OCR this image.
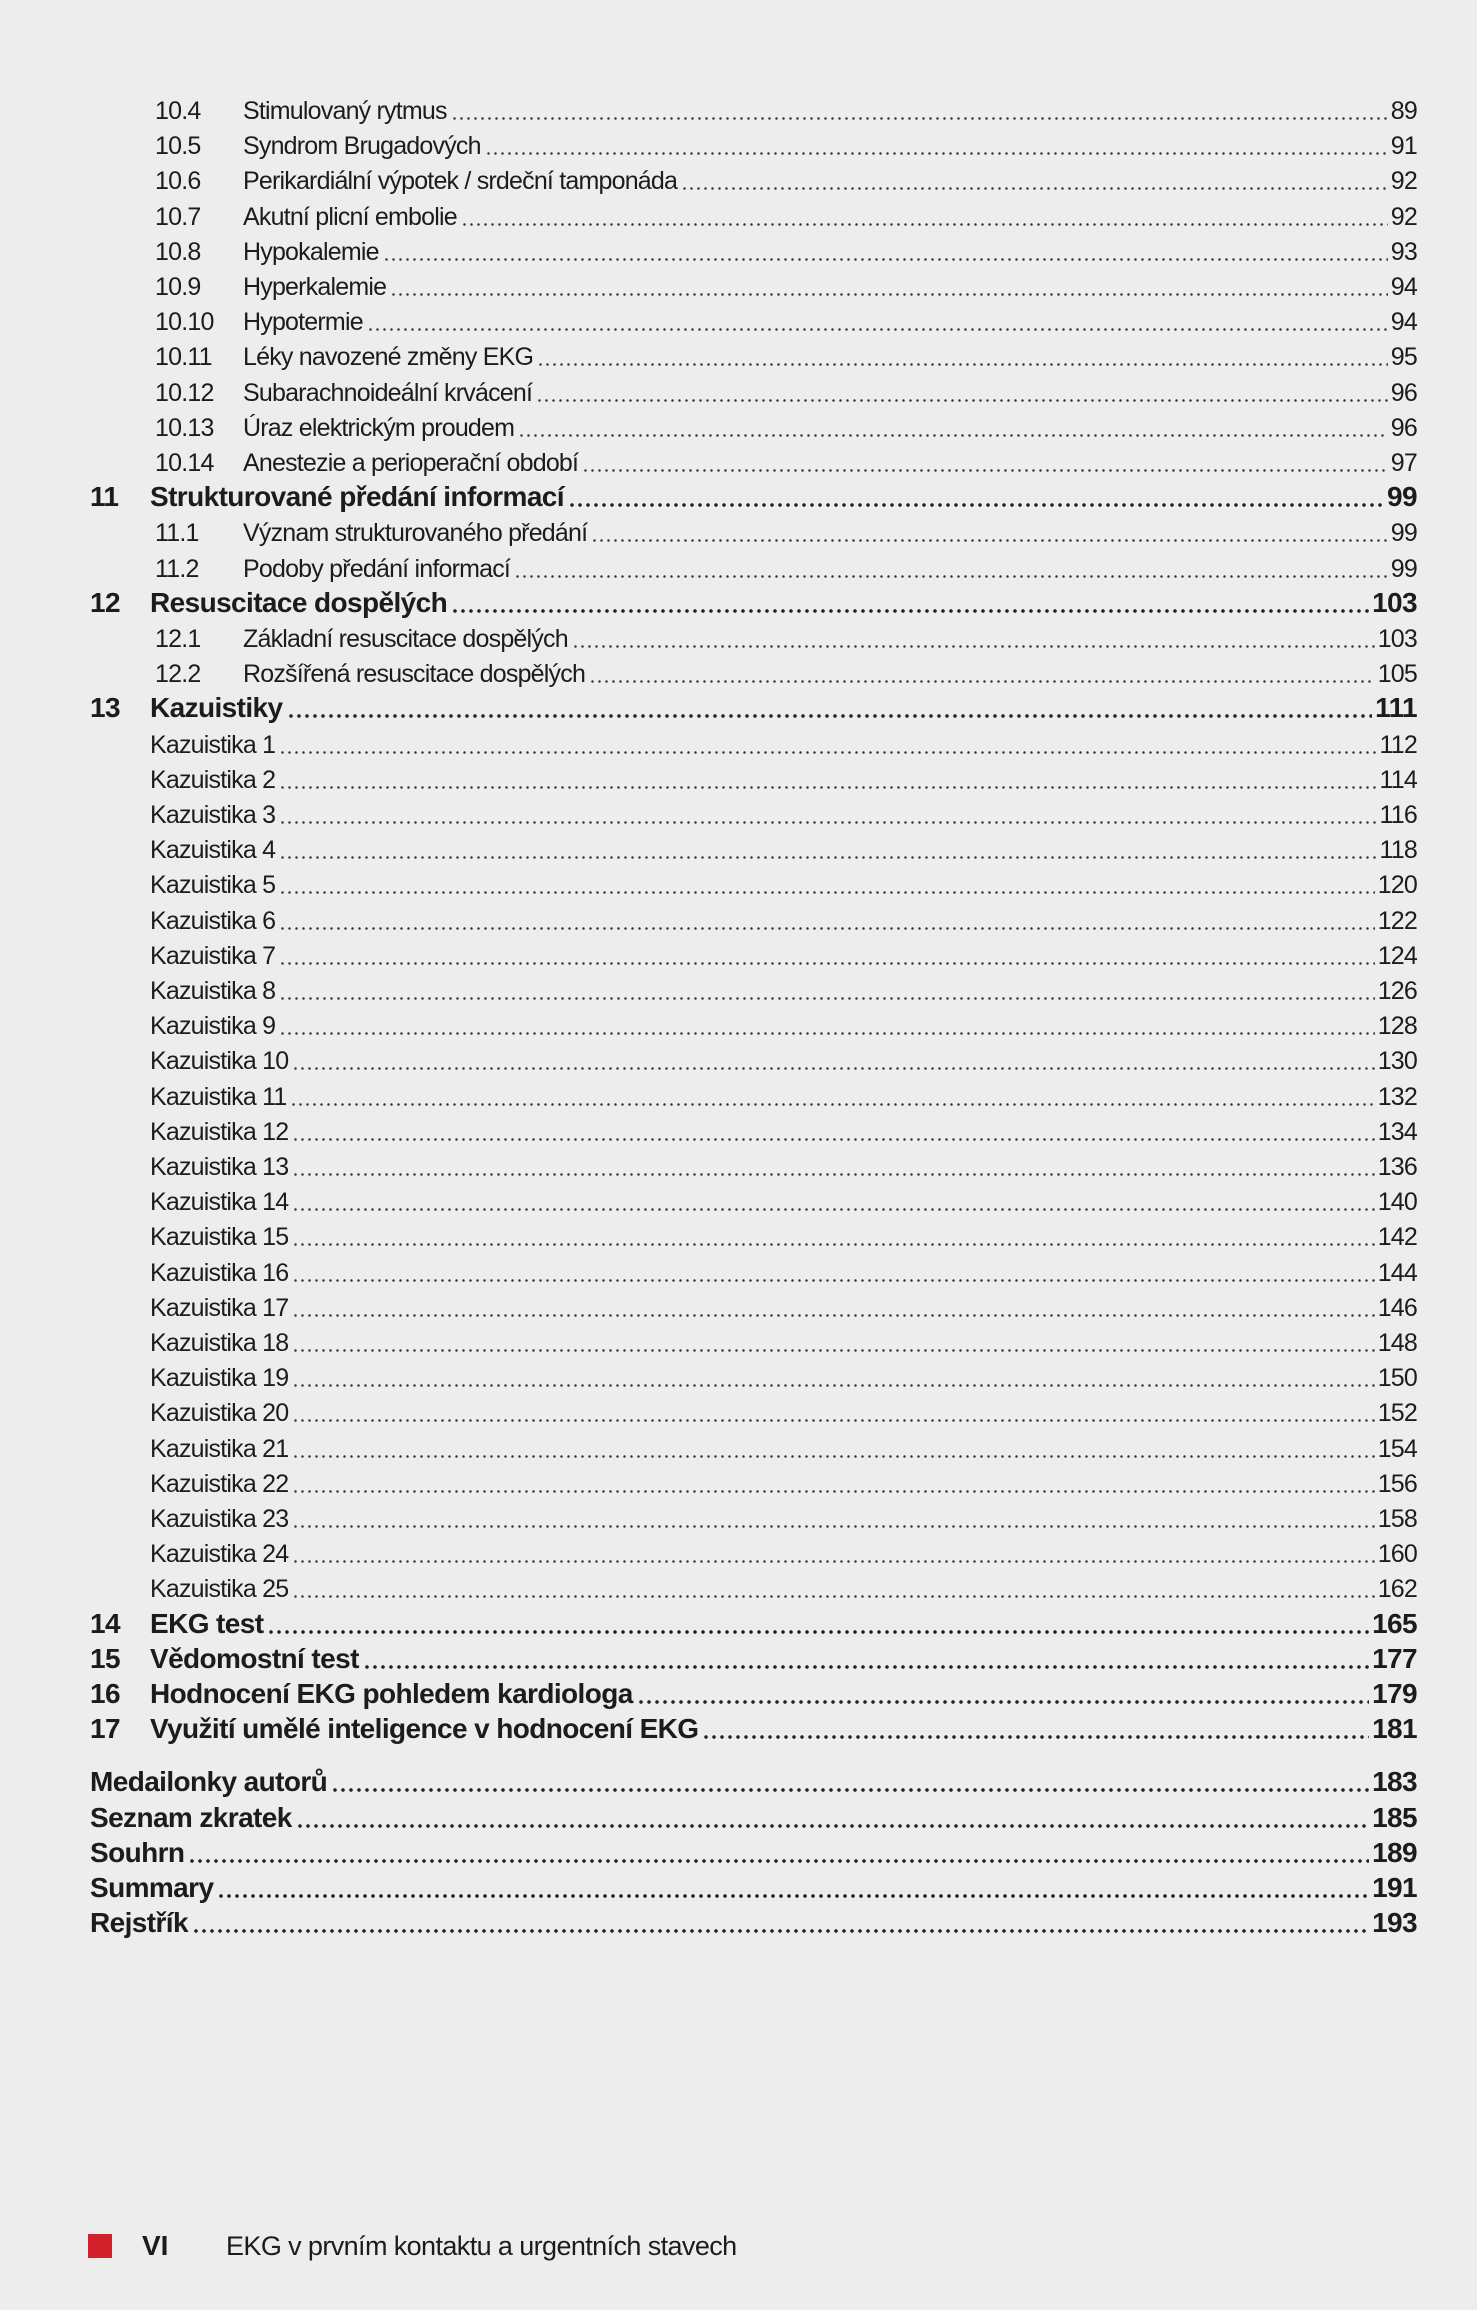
10.4	Stimulovaný rytmus	89
10.5	Syndrom Brugadových	91
10.6	Perikardiální výpotek / srdeční tamponáda	92
10.7	Akutní plicní embolie	92
10.8	Hypokalemie	93
10.9	Hyperkalemie	94
10.10	Hypotermie	94
10.11	Léky navozené změny EKG	95
10.12	Subarachnoideální krvácení	96
10.13	Úraz elektrickým proudem	96
10.14	Anestezie a perioperační období	97
11	Strukturované předání informací	99
11.1	Význam strukturovaného předání	99
11.2	Podoby předání informací	99
12	Resuscitace dospělých	103
12.1	Základní resuscitace dospělých	103
12.2	Rozšířená resuscitace dospělých	105
13	Kazuistiky	111
Kazuistika 1	112
Kazuistika 2	114
Kazuistika 3	116
Kazuistika 4	118
Kazuistika 5	120
Kazuistika 6	122
Kazuistika 7	124
Kazuistika 8	126
Kazuistika 9	128
Kazuistika 10	130
Kazuistika 11	132
Kazuistika 12	134
Kazuistika 13	136
Kazuistika 14	140
Kazuistika 15	142
Kazuistika 16	144
Kazuistika 17	146
Kazuistika 18	148
Kazuistika 19	150
Kazuistika 20	152
Kazuistika 21	154
Kazuistika 22	156
Kazuistika 23	158
Kazuistika 24	160
Kazuistika 25	162
14	EKG test	165
15	Vědomostní test	177
16	Hodnocení EKG pohledem kardiologa	179
17	Využití umělé inteligence v hodnocení EKG	181
Medailonky autorů	183
Seznam zkratek	185
Souhrn	189
Summary	191
Rejstřík	193
VI	EKG v prvním kontaktu a urgentních stavech
